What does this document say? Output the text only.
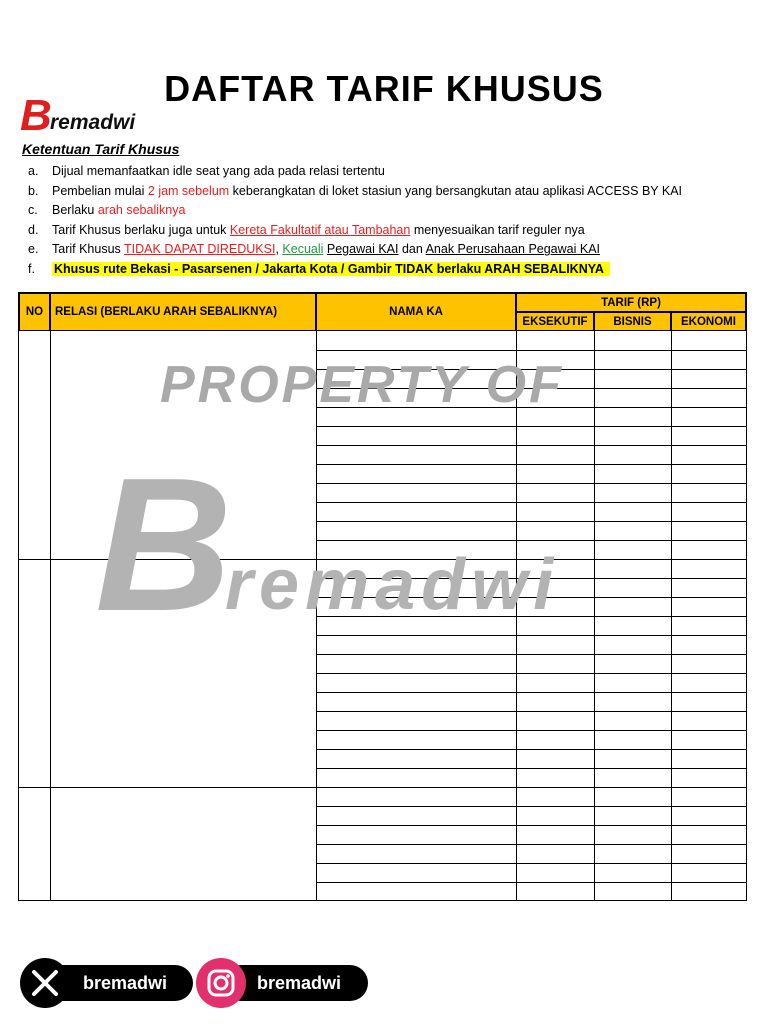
DAFTAR TARIF KHUSUS
B
remadwi
Ketentuan Tarif Khusus
a.	Dijual memanfaatkan idle seat yang ada pada relasi tertentu
b.	Pembelian mulai 2 jam sebelum keberangkatan di loket stasiun yang bersangkutan atau aplikasi ACCESS BY KAI
c.	Berlaku arah sebaliknya
d.	Tarif Khusus berlaku juga untuk Kereta Fakultatif atau Tambahan menyesuaikan tarif reguler nya
e.	Tarif Khusus TIDAK DAPAT DIREDUKSI, Kecuali Pegawai KAI dan Anak Perusahaan Pegawai KAI
f.	Khusus rute Bekasi - Pasarsenen / Jakarta Kota / Gambir TIDAK berlaku ARAH SEBALIKNYA
NO	RELASI (BERLAKU ARAH SEBALIKNYA)	NAMA KA
TARIF (RP)
EKSEKUTIF	BISNIS	EKONOMI
PROPERTY OF
B
remadwi
bremadwi	bremadwi
